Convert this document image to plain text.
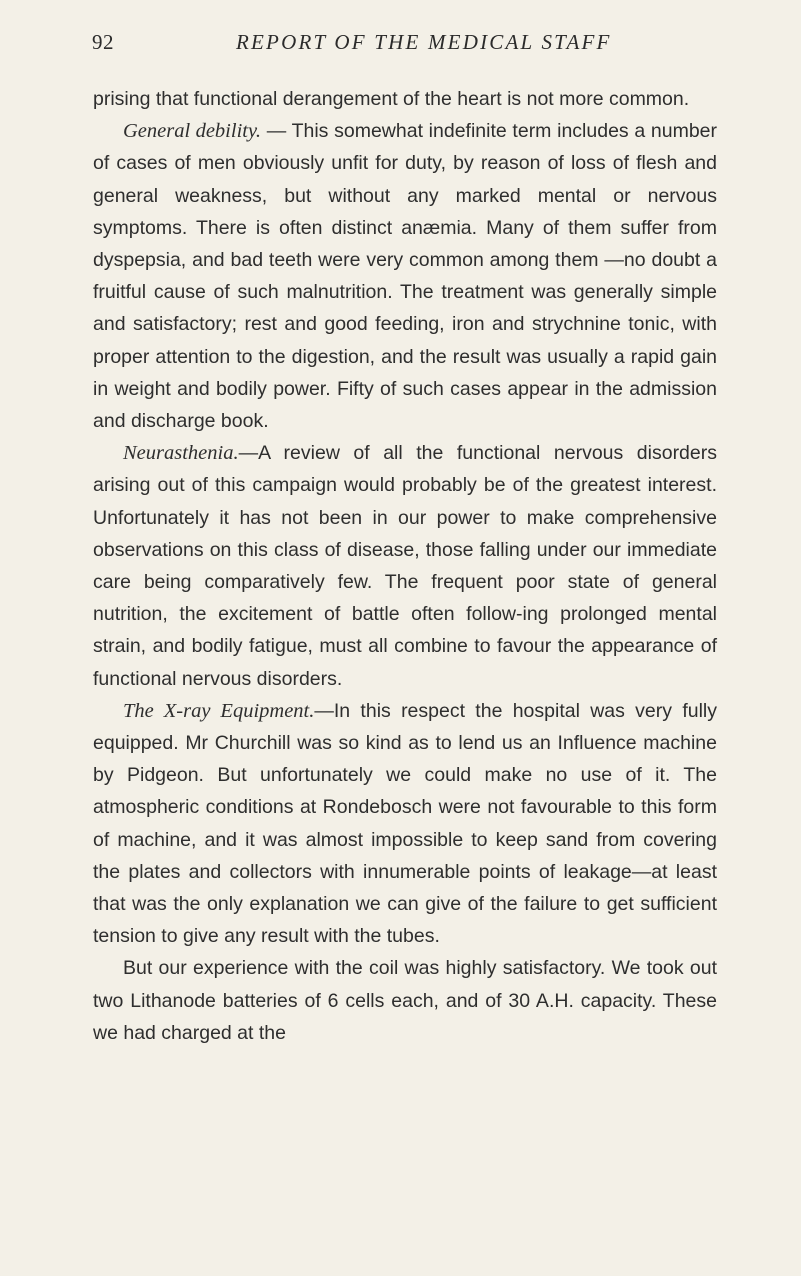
92	REPORT OF THE MEDICAL STAFF

prising that functional derangement of the heart is not more common.

General debility. — This somewhat indefinite term includes a number of cases of men obviously unfit for duty, by reason of loss of flesh and general weakness, but without any marked mental or nervous symptoms. There is often distinct anæmia. Many of them suffer from dyspepsia, and bad teeth were very common among them —no doubt a fruitful cause of such malnutrition. The treatment was generally simple and satisfactory; rest and good feeding, iron and strychnine tonic, with proper attention to the digestion, and the result was usually a rapid gain in weight and bodily power. Fifty of such cases appear in the admission and discharge book.

Neurasthenia.—A review of all the functional nervous disorders arising out of this campaign would probably be of the greatest interest. Unfortunately it has not been in our power to make comprehensive observations on this class of disease, those falling under our immediate care being comparatively few. The frequent poor state of general nutrition, the excitement of battle often follow-ing prolonged mental strain, and bodily fatigue, must all combine to favour the appearance of functional nervous disorders.

The X-ray Equipment.—In this respect the hospital was very fully equipped. Mr Churchill was so kind as to lend us an Influence machine by Pidgeon. But unfortunately we could make no use of it. The atmospheric conditions at Rondebosch were not favourable to this form of machine, and it was almost impossible to keep sand from covering the plates and collectors with innumerable points of leakage—at least that was the only explanation we can give of the failure to get sufficient tension to give any result with the tubes.

But our experience with the coil was highly satisfactory. We took out two Lithanode batteries of 6 cells each, and of 30 A.H. capacity. These we had charged at the
